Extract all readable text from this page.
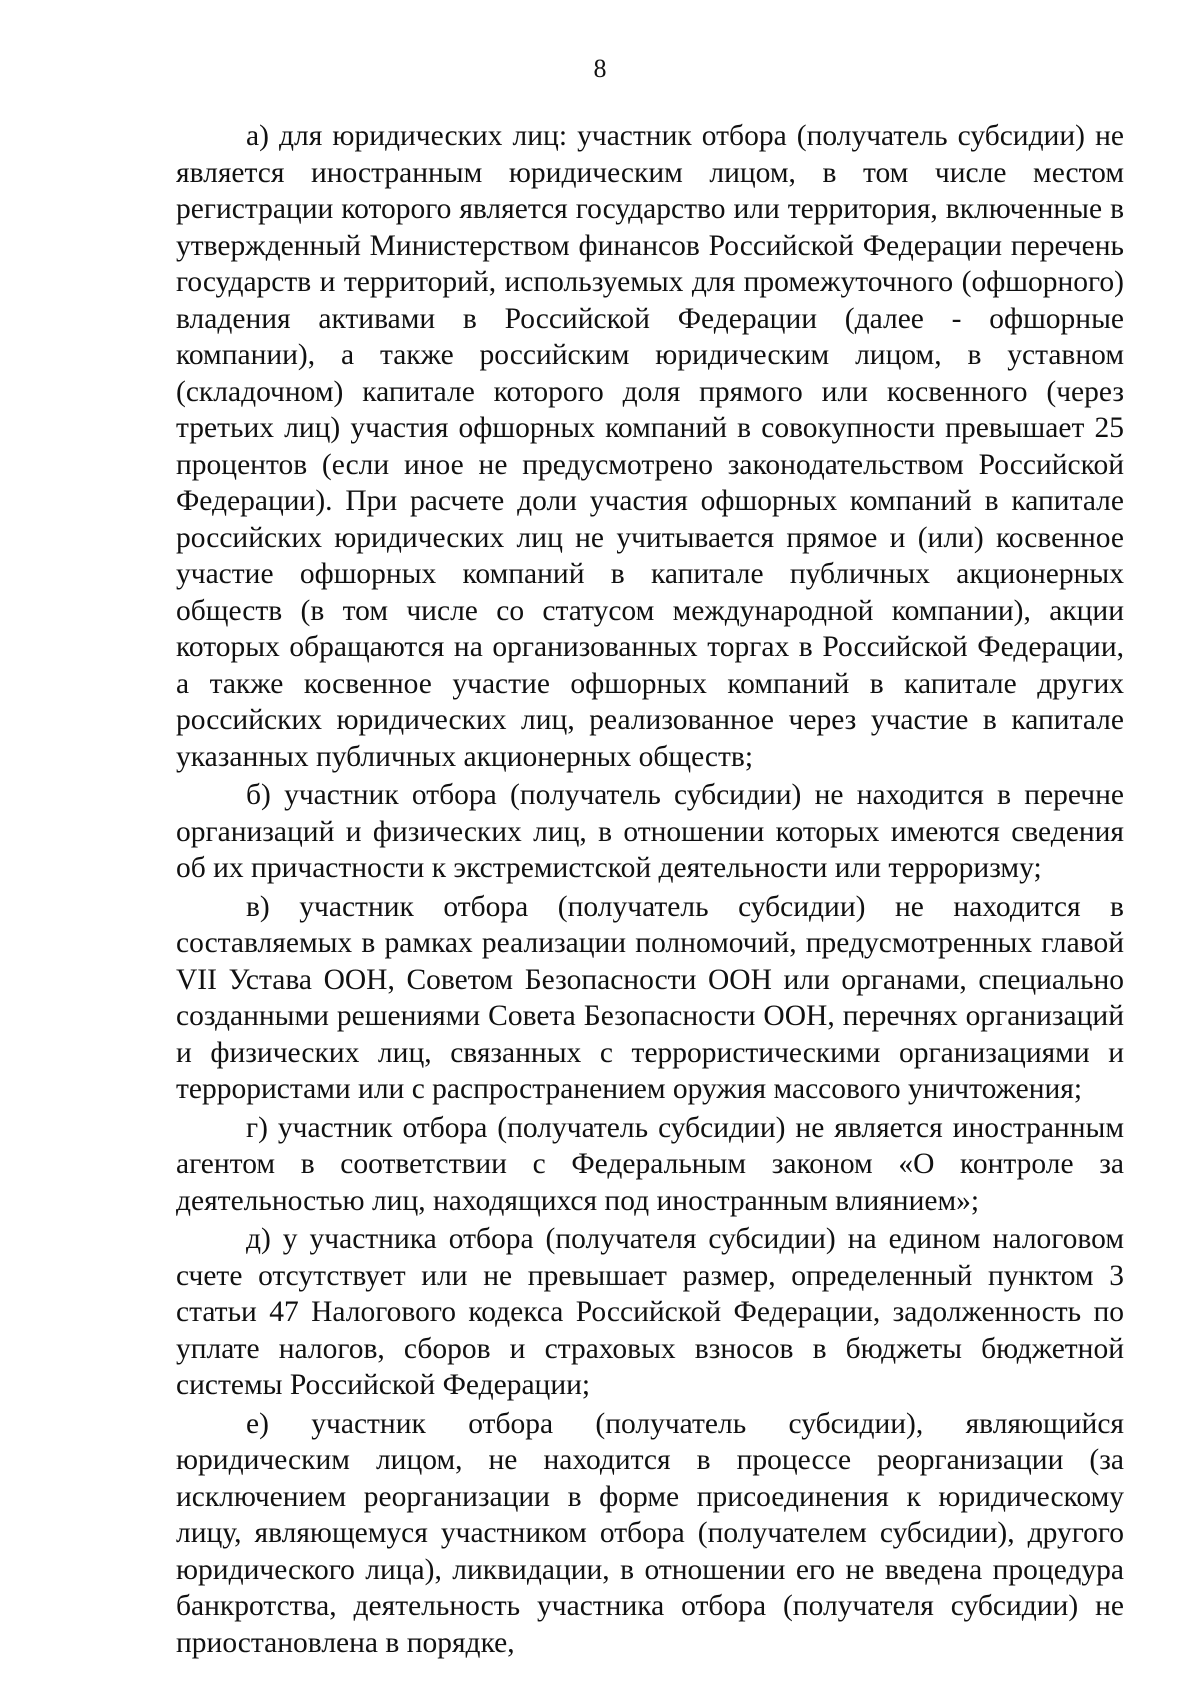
8

а) для юридических лиц: участник отбора (получатель субсидии) не является иностранным юридическим лицом, в том числе местом регистрации которого является государство или территория, включенные в утвержденный Министерством финансов Российской Федерации перечень государств и территорий, используемых для промежуточного (офшорного) владения активами в Российской Федерации (далее - офшорные компании), а также российским юридическим лицом, в уставном (складочном) капитале которого доля прямого или косвенного (через третьих лиц) участия офшорных компаний в совокупности превышает 25 процентов (если иное не предусмотрено законодательством Российской Федерации). При расчете доли участия офшорных компаний в капитале российских юридических лиц не учитывается прямое и (или) косвенное участие офшорных компаний в капитале публичных акционерных обществ (в том числе со статусом международной компании), акции которых обращаются на организованных торгах в Российской Федерации, а также косвенное участие офшорных компаний в капитале других российских юридических лиц, реализованное через участие в капитале указанных публичных акционерных обществ;

б) участник отбора (получатель субсидии) не находится в перечне организаций и физических лиц, в отношении которых имеются сведения об их причастности к экстремистской деятельности или терроризму;

в) участник отбора (получатель субсидии) не находится в составляемых в рамках реализации полномочий, предусмотренных главой VII Устава ООН, Советом Безопасности ООН или органами, специально созданными решениями Совета Безопасности ООН, перечнях организаций и физических лиц, связанных с террористическими организациями и террористами или с распространением оружия массового уничтожения;

г) участник отбора (получатель субсидии) не является иностранным агентом в соответствии с Федеральным законом «О контроле за деятельностью лиц, находящихся под иностранным влиянием»;

д) у участника отбора (получателя субсидии) на едином налоговом счете отсутствует или не превышает размер, определенный пунктом 3 статьи 47 Налогового кодекса Российской Федерации, задолженность по уплате налогов, сборов и страховых взносов в бюджеты бюджетной системы Российской Федерации;

е) участник отбора (получатель субсидии), являющийся юридическим лицом, не находится в процессе реорганизации (за исключением реорганизации в форме присоединения к юридическому лицу, являющемуся участником отбора (получателем субсидии), другого юридического лица), ликвидации, в отношении его не введена процедура банкротства, деятельность участника отбора (получателя субсидии) не приостановлена в порядке,
